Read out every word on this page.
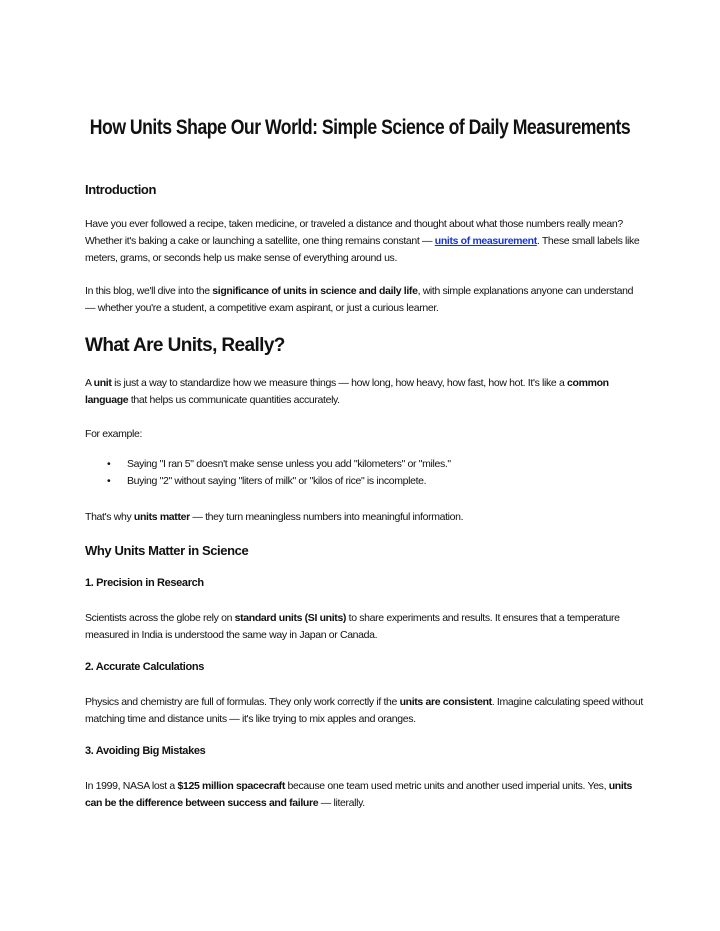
How Units Shape Our World: Simple Science of Daily Measurements
Introduction
Have you ever followed a recipe, taken medicine, or traveled a distance and thought about what those numbers really mean? Whether it's baking a cake or launching a satellite, one thing remains constant — units of measurement. These small labels like meters, grams, or seconds help us make sense of everything around us.
In this blog, we'll dive into the significance of units in science and daily life, with simple explanations anyone can understand — whether you're a student, a competitive exam aspirant, or just a curious learner.
What Are Units, Really?
A unit is just a way to standardize how we measure things — how long, how heavy, how fast, how hot. It's like a common language that helps us communicate quantities accurately.
For example:
• Saying "I ran 5" doesn't make sense unless you add "kilometers" or "miles."
• Buying "2" without saying "liters of milk" or "kilos of rice" is incomplete.
That's why units matter — they turn meaningless numbers into meaningful information.
Why Units Matter in Science
1. Precision in Research
Scientists across the globe rely on standard units (SI units) to share experiments and results. It ensures that a temperature measured in India is understood the same way in Japan or Canada.
2. Accurate Calculations
Physics and chemistry are full of formulas. They only work correctly if the units are consistent. Imagine calculating speed without matching time and distance units — it's like trying to mix apples and oranges.
3. Avoiding Big Mistakes
In 1999, NASA lost a $125 million spacecraft because one team used metric units and another used imperial units. Yes, units can be the difference between success and failure — literally.
